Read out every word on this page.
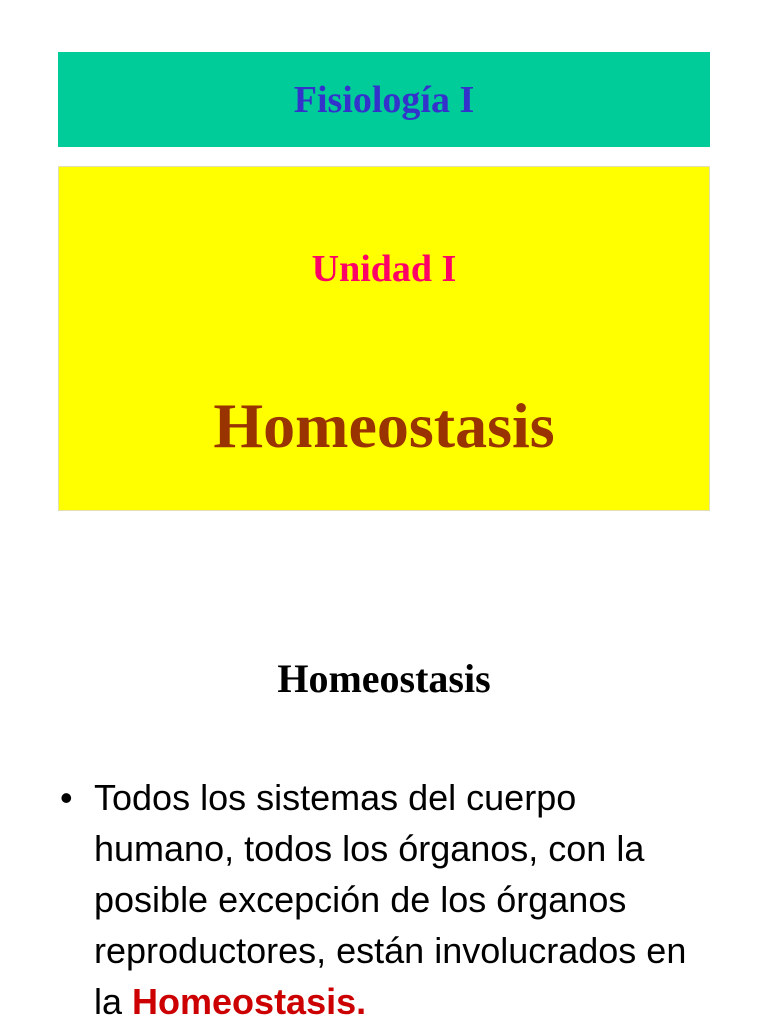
Fisiología I
Unidad I
Homeostasis
Homeostasis
• Todos los sistemas del cuerpo humano, todos los órganos, con la posible excepción de los órganos reproductores, están involucrados en la Homeostasis.
